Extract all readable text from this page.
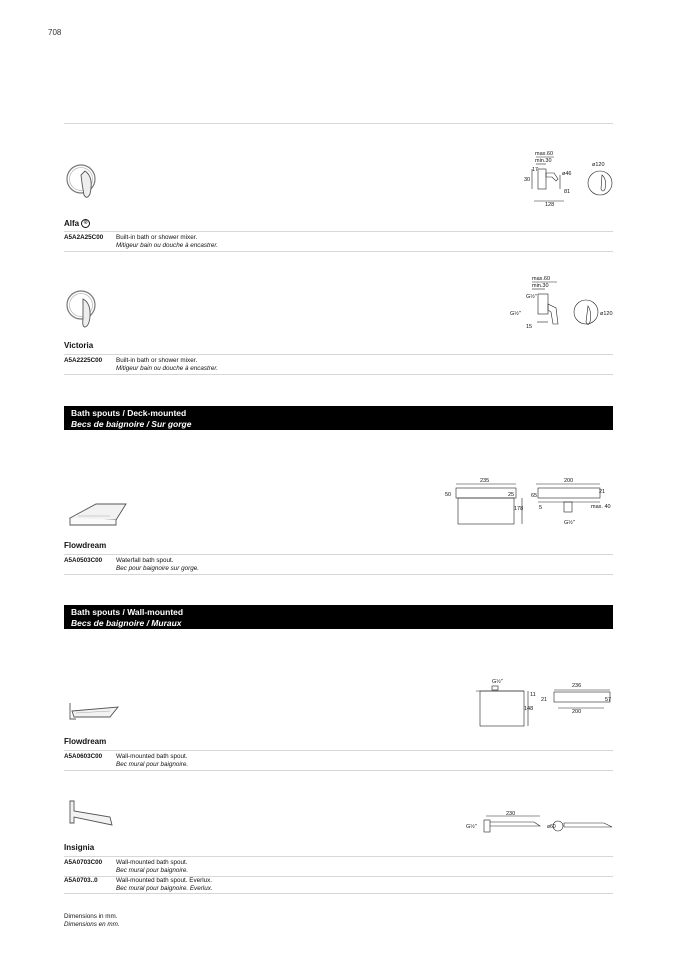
708
max.60
min.30
17
30
ø46
81
128
ø120
Alfa ®
A5A2A25C00 Built-in bath or shower mixer.
Mitigeur bain ou douche à encastrer.
max.60
min.30
G½"
G½"
15
ø120
Victoria
A5A2225C00 Built-in bath or shower mixer.
Mitigeur bain ou douche à encastrer.
Bath spouts / Deck-mounted
Becs de baignoire / Sur gorge
235
50	25
178
200
21
65
5	max. 40
G½"
Flowdream
A5A0503C00 Waterfall bath spout.
Bec pour baignoire sur gorge.
Bath spouts / Wall-mounted
Becs de baignoire / Muraux
G½"
11
148
236
21	57
200
Flowdream
A5A0603C00 Wall-mounted bath spout.
Bec mural pour baignoire.
230
G½"	ø60
Insignia
A5A0703C00 Wall-mounted bath spout.
Bec mural pour baignoire.
A5A0703..0	Wall-mounted bath spout. Everlux.
Bec mural pour baignoire. Everlux.
Dimensions in mm.
Dimensions en mm.
